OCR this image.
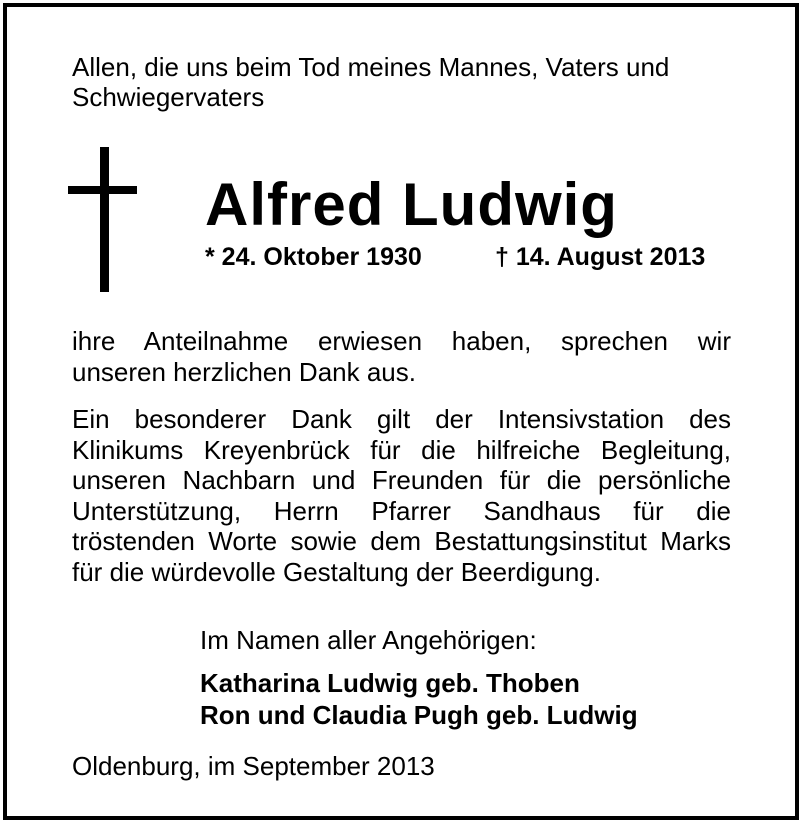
Allen, die uns beim Tod meines Mannes, Vaters und
Schwiegervaters
Alfred Ludwig
* 24. Oktober 1930	† 14. August 2013
ihre Anteilnahme erwiesen haben, sprechen wir
unseren herzlichen Dank aus.
Ein besonderer Dank gilt der Intensivstation des
Klinikums Kreyenbrück für die hilfreiche Begleitung,
unseren Nachbarn und Freunden für die persönliche
Unterstützung, Herrn Pfarrer Sandhaus für die
tröstenden Worte sowie dem Bestattungsinstitut Marks
für die würdevolle Gestaltung der Beerdigung.
Im Namen aller Angehörigen:
Katharina Ludwig geb. Thoben
Ron und Claudia Pugh geb. Ludwig
Oldenburg, im September 2013
